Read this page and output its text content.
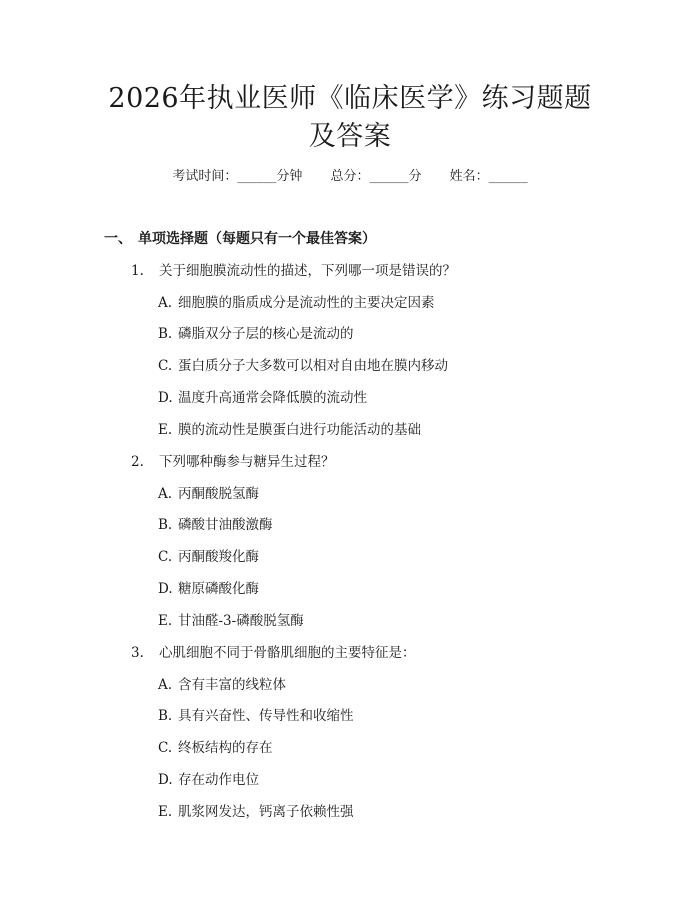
2026年执业医师《临床医学》练习题题及答案
考试时间：______分钟 总分：______分 姓名：______
一、 单项选择题（每题只有一个最佳答案）
1. 关于细胞膜流动性的描述，下列哪一项是错误的？
A. 细胞膜的脂质成分是流动性的主要决定因素
B. 磷脂双分子层的核心是流动的
C. 蛋白质分子大多数可以相对自由地在膜内移动
D. 温度升高通常会降低膜的流动性
E. 膜的流动性是膜蛋白进行功能活动的基础
2. 下列哪种酶参与糖异生过程？
A. 丙酮酸脱氢酶
B. 磷酸甘油酸激酶
C. 丙酮酸羧化酶
D. 糖原磷酸化酶
E. 甘油醛-3-磷酸脱氢酶
3. 心肌细胞不同于骨骼肌细胞的主要特征是：
A. 含有丰富的线粒体
B. 具有兴奋性、传导性和收缩性
C. 终板结构的存在
D. 存在动作电位
E. 肌浆网发达，钙离子依赖性强
